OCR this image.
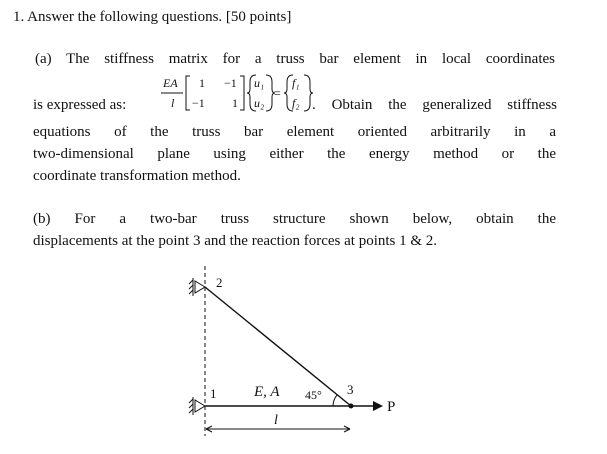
1. Answer the following questions. [50 points]
(a) The stiffness matrix for a truss bar element in local coordinates
is expressed as:
EA
l
1 −1
−1 1
u₁
u₂
=
f₁
f₂ . Obtain the generalized stiffness
equations of the truss bar element oriented arbitrarily in a
two-dimensional plane using either the energy method or the
coordinate transformation method.
(b) For a two-bar truss structure shown below, obtain the
displacements at the point 3 and the reaction forces at points 1 & 2.
2
1	3
E, A 45°
P
l
